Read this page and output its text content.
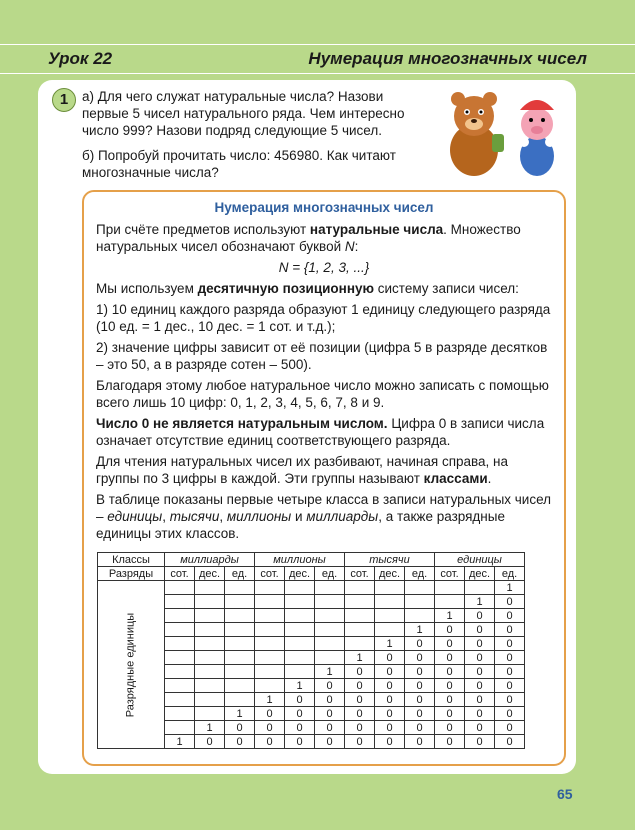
Урок 22	Нумерация многозначных чисел
1	а) Для чего служат натуральные числа? Назови первые 5 чисел натурального ряда. Чем интересно число 999? Назови подряд следующие 5 чисел.

б) Попробуй прочитать число: 456980. Как читают многозначные числа?

Нумерация многозначных чисел

При счёте предметов используют натуральные числа. Множество натуральных чисел обозначают буквой N:

N = {1, 2, 3, ...}

Мы используем десятичную позиционную систему записи чисел:

1) 10 единиц каждого разряда образуют 1 единицу следующего разряда (10 ед. = 1 дес., 10 дес. = 1 сот. и т.д.);

2) значение цифры зависит от её позиции (цифра 5 в разряде десятков – это 50, а в разряде сотен – 500).

Благодаря этому любое натуральное число можно записать с помощью всего лишь 10 цифр: 0, 1, 2, 3, 4, 5, 6, 7, 8 и 9.

Число 0 не является натуральным числом. Цифра 0 в записи числа означает отсутствие единиц соответствующего разряда.

Для чтения натуральных чисел их разбивают, начиная справа, на группы по 3 цифры в каждой. Эти группы называют классами.

В таблице показаны первые четыре класса в записи натуральных чисел – единицы, тысячи, миллионы и миллиарды, а также разрядные единицы этих классов.

Классы	миллиарды			миллионы			тысячи			единицы		
Разряды	сот.	дес.	ед.	сот.	дес.	ед.	сот.	дес.	ед.	сот.	дес.	ед.

Разрядные единицы												1
											1	0
										1	0	0
									1	0	0	0
								1	0	0	0	0
							1	0	0	0	0	0
						1	0	0	0	0	0	0
					1	0	0	0	0	0	0	0
				1	0	0	0	0	0	0	0	0
			1	0	0	0	0	0	0	0	0	0
		1	0	0	0	0	0	0	0	0	0	0
	1	0	0	0	0	0	0	0	0	0	0	0
65
